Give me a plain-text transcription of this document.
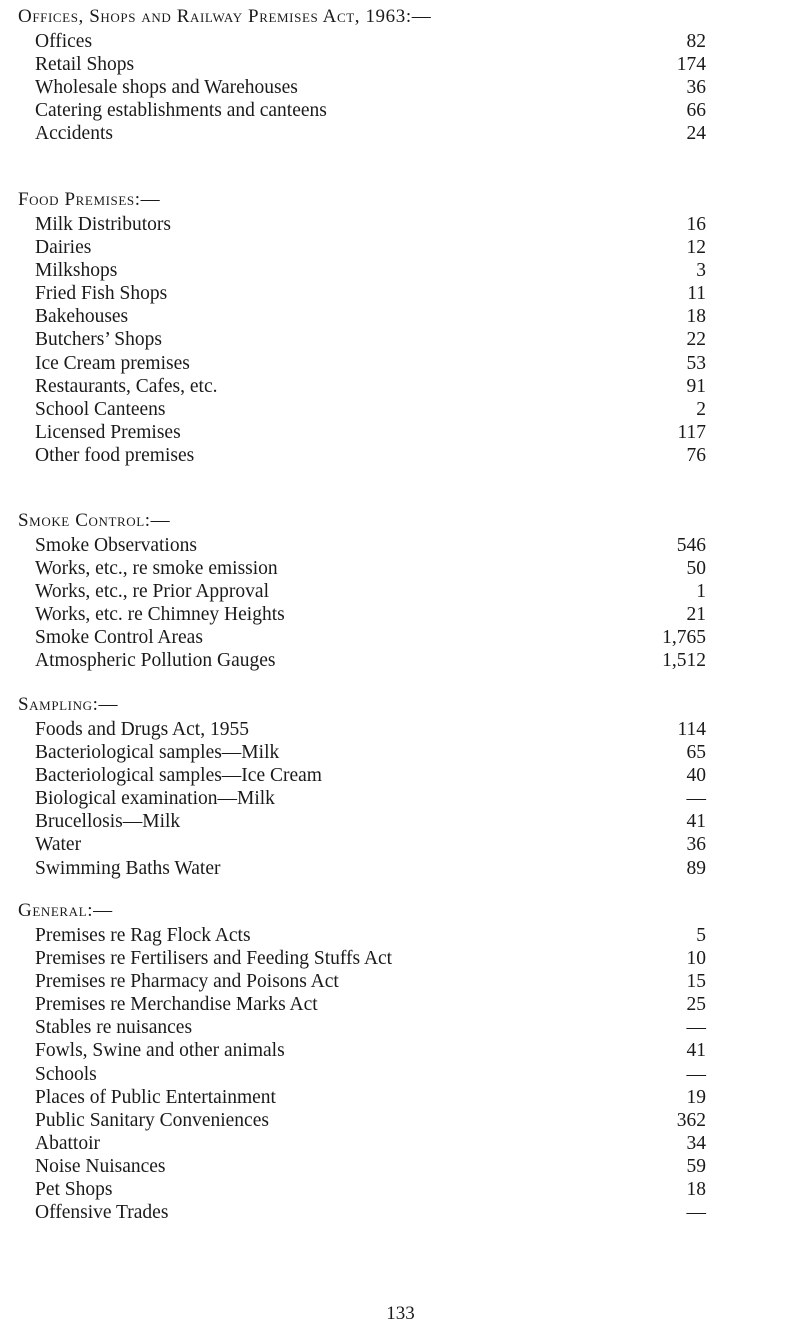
Offices, Shops and Railway Premises Act, 1963:—
Offices	82
Retail Shops	174
Wholesale shops and Warehouses	36
Catering establishments and canteens	66
Accidents	24
Food Premises:—
Milk Distributors	16
Dairies	12
Milkshops	3
Fried Fish Shops	11
Bakehouses	18
Butchers’ Shops	22
Ice Cream premises	53
Restaurants, Cafes, etc.	91
School Canteens	2
Licensed Premises	117
Other food premises	76
Smoke Control:—
Smoke Observations	546
Works, etc., re smoke emission	50
Works, etc., re Prior Approval	1
Works, etc. re Chimney Heights	21
Smoke Control Areas	1,765
Atmospheric Pollution Gauges	1,512
Sampling:—
Foods and Drugs Act, 1955	114
Bacteriological samples—Milk	65
Bacteriological samples—Ice Cream	40
Biological examination—Milk	—
Brucellosis—Milk	41
Water	36
Swimming Baths Water	89
General:—
Premises re Rag Flock Acts	5
Premises re Fertilisers and Feeding Stuffs Act	10
Premises re Pharmacy and Poisons Act	15
Premises re Merchandise Marks Act	25
Stables re nuisances	—
Fowls, Swine and other animals	41
Schools	—
Places of Public Entertainment	19
Public Sanitary Conveniences	362
Abattoir	34
Noise Nuisances	59
Pet Shops	18
Offensive Trades	—
133
